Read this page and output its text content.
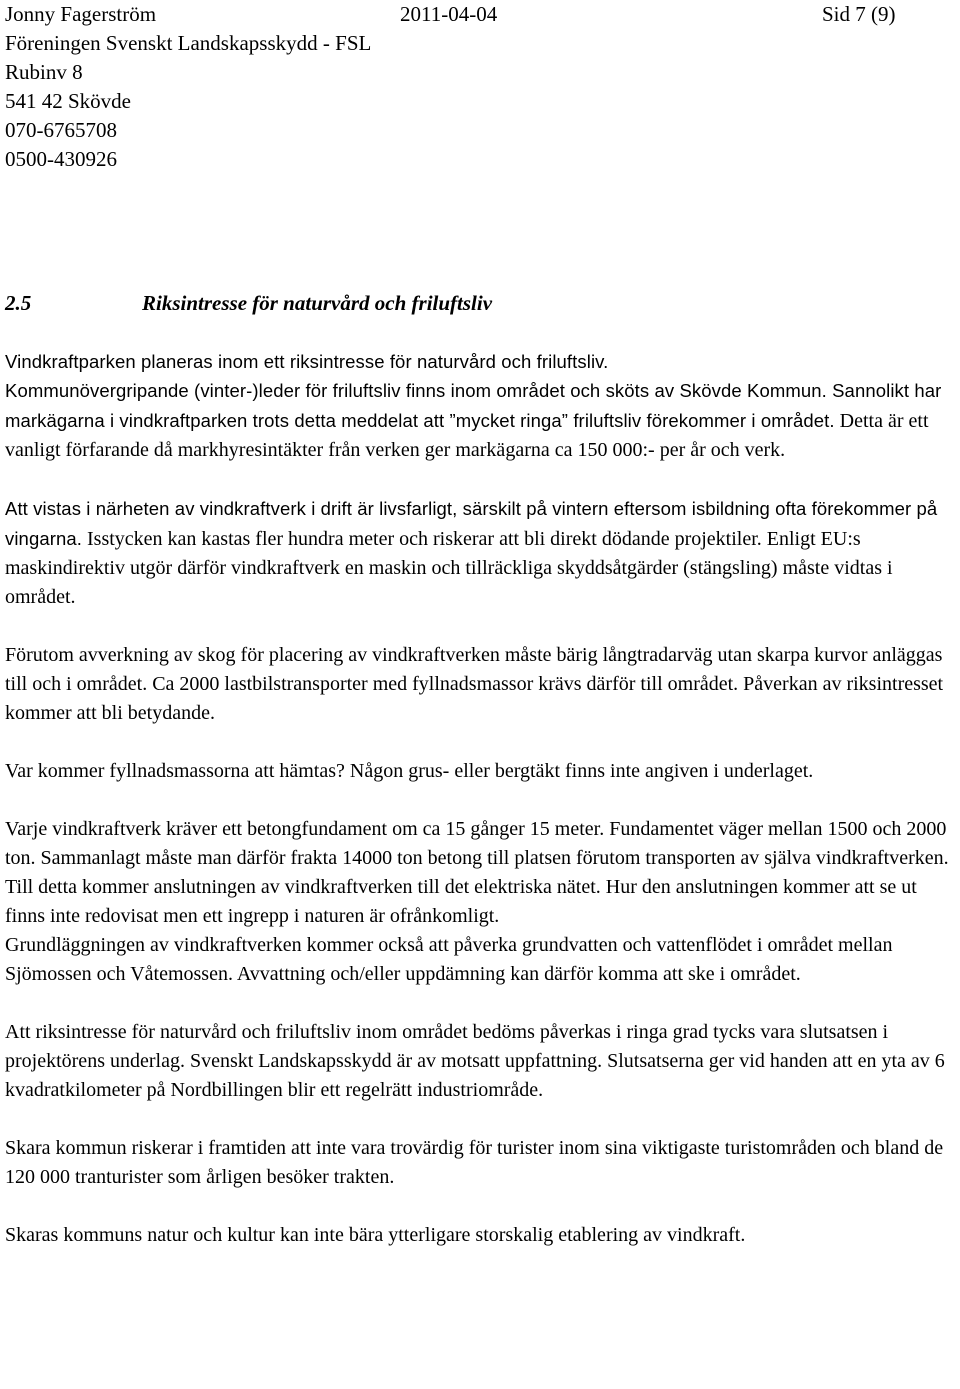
Jonny Fagerström	2011-04-04	Sid 7 (9)
Föreningen Svenskt Landskapsskydd - FSL
Rubinv 8
541 42 Skövde
070-6765708
0500-430926
2.5	Riksintresse för naturvård och friluftsliv

Vindkraftparken planeras inom ett riksintresse för naturvård och friluftsliv.

Kommunövergripande (vinter-)leder för friluftsliv finns inom området och sköts av Skövde Kommun. Sannolikt har markägarna i vindkraftparken trots detta meddelat att ”mycket ringa” friluftsliv förekommer i området. Detta är ett vanligt förfarande då markhyresintäkter från verken ger markägarna ca 150 000:- per år och verk.

Att vistas i närheten av vindkraftverk i drift är livsfarligt, särskilt på vintern eftersom isbildning ofta förekommer på vingarna. Isstycken kan kastas fler hundra meter och riskerar att bli direkt dödande projektiler. Enligt EU:s maskindirektiv utgör därför vindkraftverk en maskin och tillräckliga skyddsåtgärder (stängsling) måste vidtas i området.

Förutom avverkning av skog för placering av vindkraftverken måste bärig långtradarväg utan skarpa kurvor anläggas till och i området. Ca 2000 lastbilstransporter med fyllnadsmassor krävs därför till området. Påverkan av riksintresset kommer att bli betydande.

Var kommer fyllnadsmassorna att hämtas? Någon grus- eller bergtäkt finns inte angiven i underlaget.

Varje vindkraftverk kräver ett betongfundament om ca 15 gånger 15 meter. Fundamentet väger mellan 1500 och 2000 ton. Sammanlagt måste man därför frakta 14000 ton betong till platsen förutom transporten av själva vindkraftverken. Till detta kommer anslutningen av vindkraftverken till det elektriska nätet. Hur den anslutningen kommer att se ut finns inte redovisat men ett ingrepp i naturen är ofrånkomligt.

Grundläggningen av vindkraftverken kommer också att påverka grundvatten och vattenflödet i området mellan Sjömossen och Våtemossen. Avvattning och/eller uppdämning kan därför komma att ske i området.

Att riksintresse för naturvård och friluftsliv inom området bedöms påverkas i ringa grad tycks vara slutsatsen i projektörens underlag. Svenskt Landskapsskydd är av motsatt uppfattning. Slutsatserna ger vid handen att en yta av 6 kvadratkilometer på Nordbillingen blir ett regelrätt industriområde.

Skara kommun riskerar i framtiden att inte vara trovärdig för turister inom sina viktigaste turistområden och bland de 120 000 tranturister som årligen besöker trakten.

Skaras kommuns natur och kultur kan inte bära ytterligare storskalig etablering av vindkraft.
